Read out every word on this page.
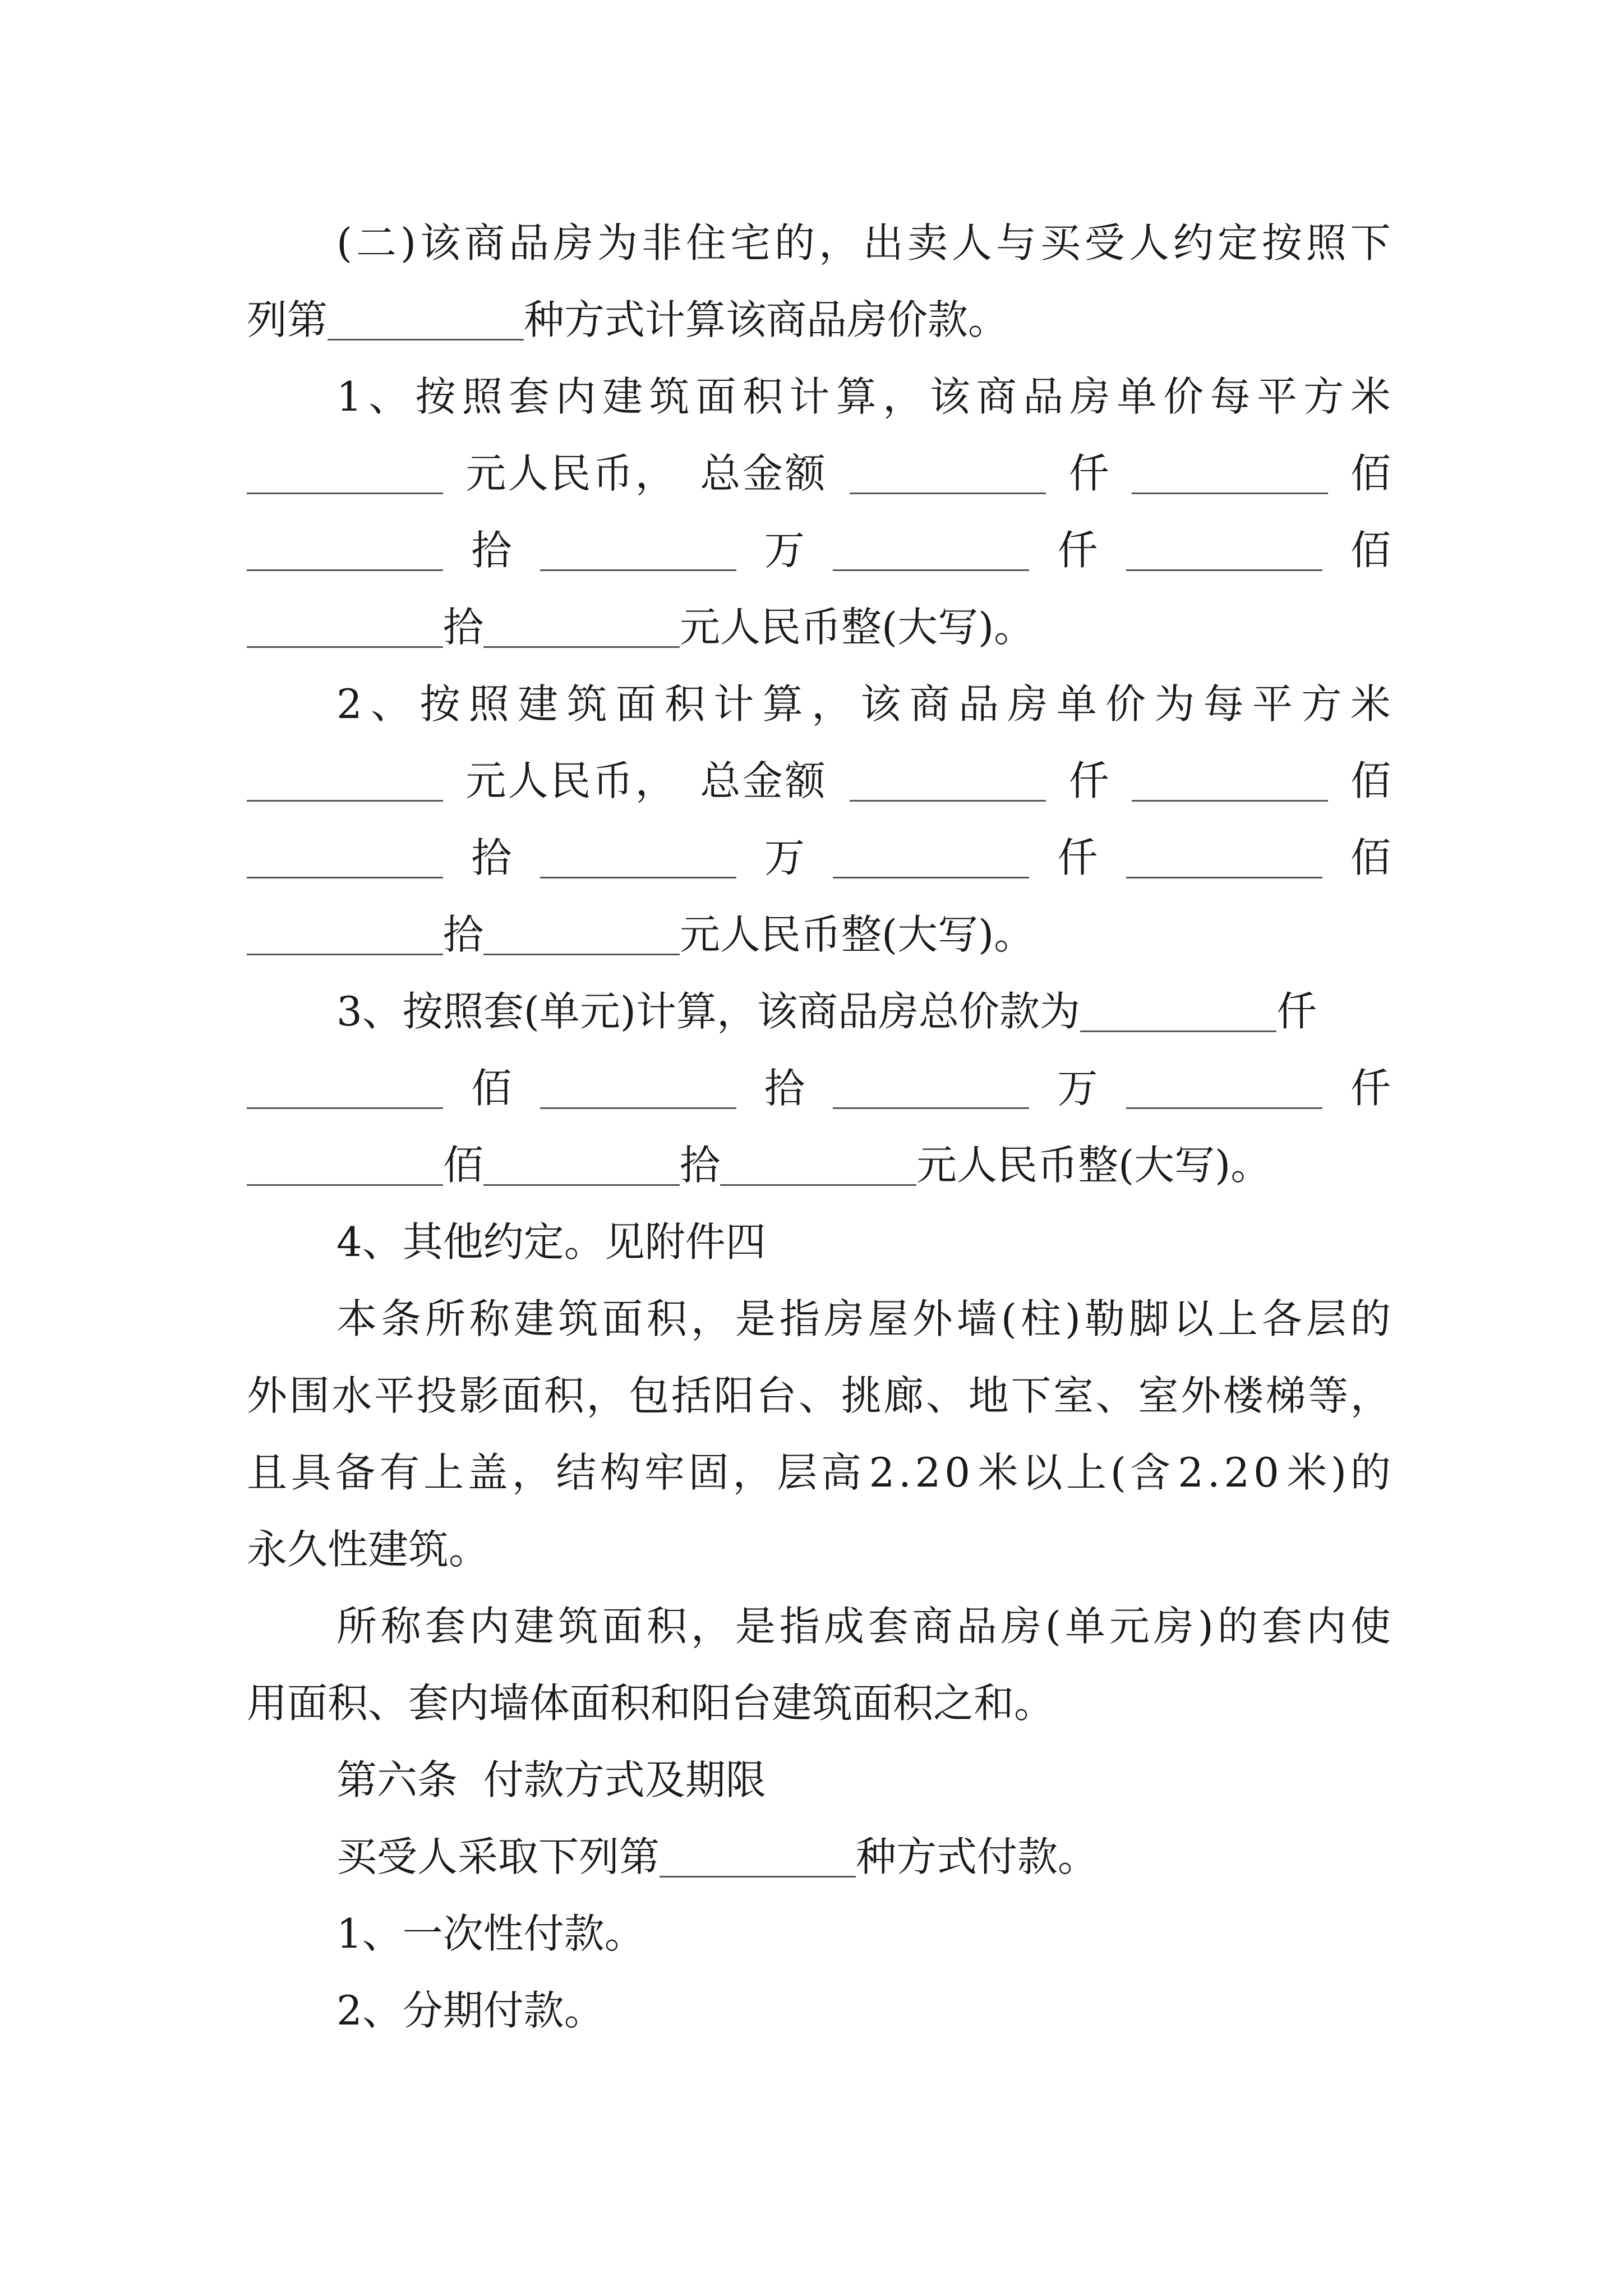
( 二 ) 该 商 品 房 为 非 住 宅 的 ， 出 卖 人 与 买 受 人 约 定 按 照 下
列第	种方式计算该商品房价款。
1 、 按 照 套 内 建 筑 面 积 计 算 ， 该 商 品 房 单 价 每 平 方 米
元人民币， 总金额	仟	佰
拾	万	仟	佰
拾	元人民币整(大写)。
2 、 按 照 建 筑 面 积 计 算 ， 该 商 品 房 单 价 为 每 平 方 米
元人民币， 总金额	仟	佰
拾	万	仟	佰
拾	元人民币整(大写)。
3、按照套(单元)计算，该商品房总价款为	仟
佰	拾	万	仟
佰	拾	元人民币整(大写)。
4、其他约定。见附件四
本 条 所 称 建 筑 面 积 ， 是 指 房 屋 外 墙 ( 柱 ) 勒 脚 以 上 各 层 的
外 围 水 平 投 影 面 积 ， 包 括 阳 台 、 挑 廊 、 地 下 室 、 室 外 楼 梯 等 ，
且 具 备 有 上 盖 ， 结 构 牢 固 ， 层 高 2 . 2 0 米 以 上 ( 含 2 . 2 0 米 ) 的
永久性建筑。
所 称 套 内 建 筑 面 积 ， 是 指 成 套 商 品 房 ( 单 元 房 ) 的 套 内 使
用面积、套内墙体面积和阳台建筑面积之和。
第六条  付款方式及期限
买受人采取下列第	种方式付款。
1、一次性付款。
2、分期付款。
